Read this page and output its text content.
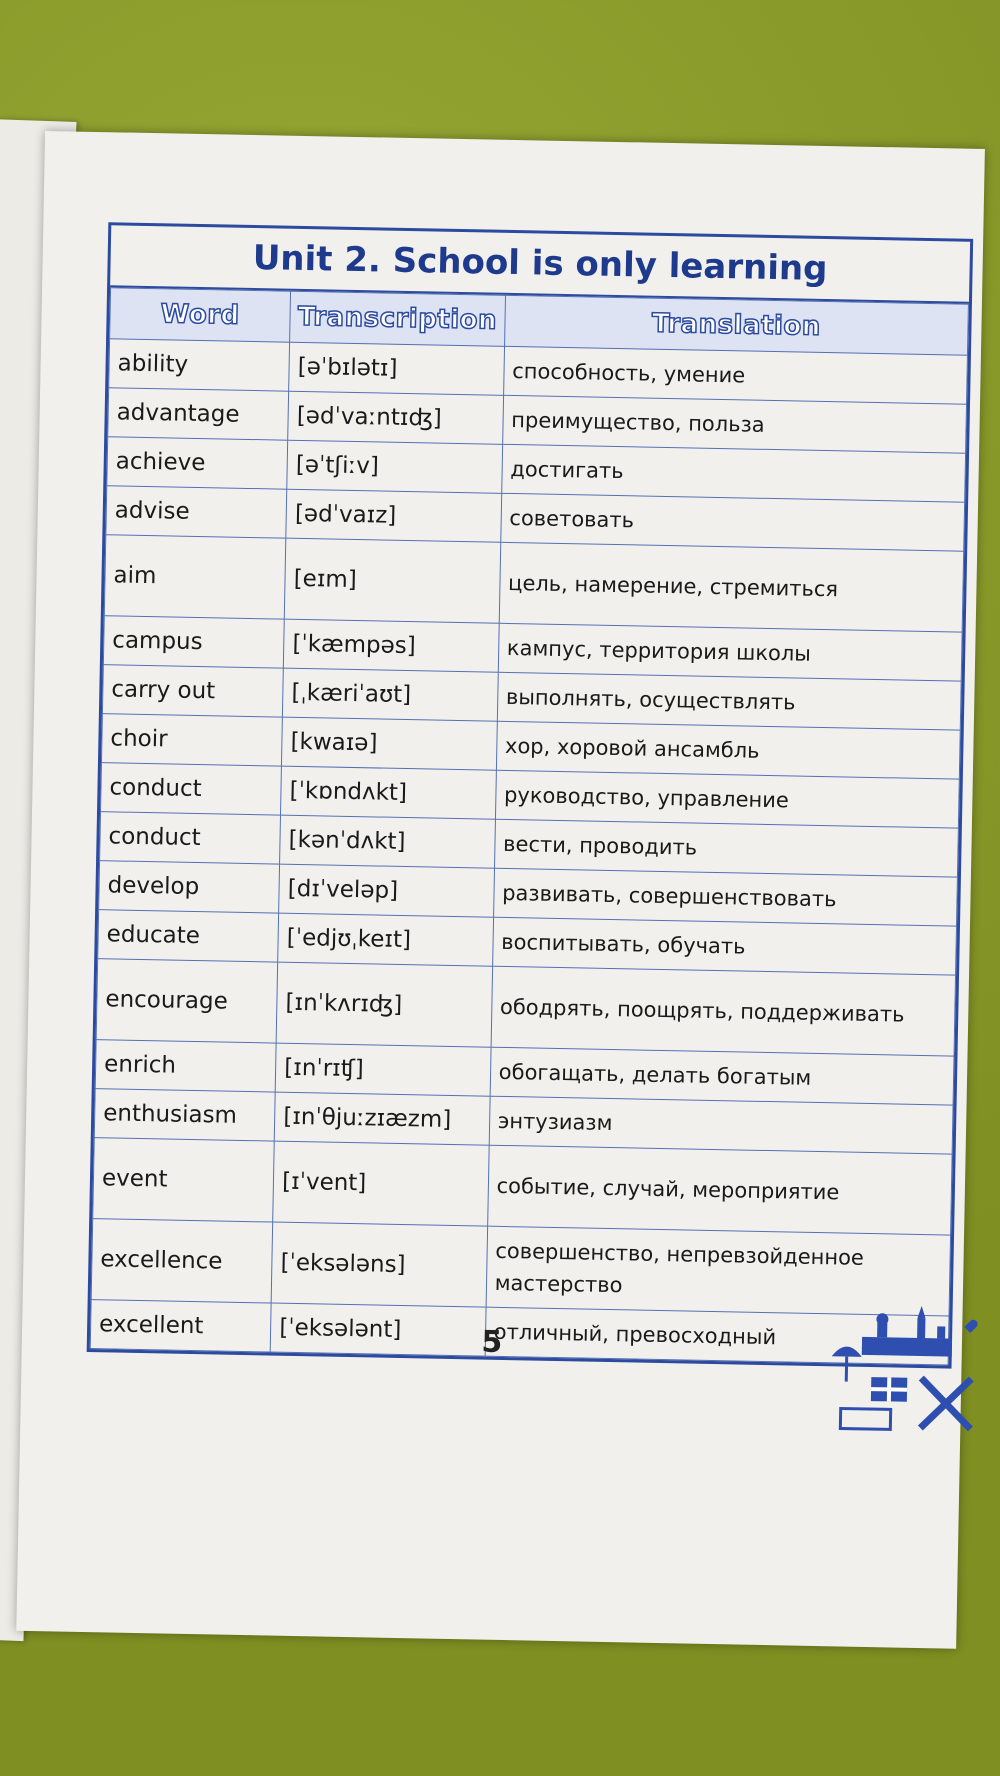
Unit 2. School is only learning
Word	Transcription	Translation
ability	[əˈbɪlətɪ]	способность, умение
advantage	[ədˈvaːntɪʤ]	преимущество, польза
achieve	[əˈtʃiːv]	достигать
advise	[ədˈvaɪz]	советовать
aim	[eɪm]	цель, намерение, стремиться
campus	[ˈkæmpəs]	кампус, территория школы
carry out	[ˌkæriˈaʊt]	выполнять, осуществлять
choir	[kwaɪə]	хор, хоровой ансамбль
conduct	[ˈkɒndʌkt]	руководство, управление
conduct	[kənˈdʌkt]	вести, проводить
develop	[dɪˈveləp]	развивать, совершенствовать
educate	[ˈedjʊˌkeɪt]	воспитывать, обучать
encourage	[ɪnˈkʌrɪʤ]	ободрять, поощрять, поддерживать
enrich	[ɪnˈrɪʧ]	обогащать, делать богатым
enthusiasm	[ɪnˈθjuːzɪæzm]	энтузиазм
event	[ɪˈvent]	событие, случай, мероприятие
excellence	[ˈeksələns]	совершенство, непревзойденное мастерство
excellent	[ˈeksələnt]	отличный, превосходный
5
